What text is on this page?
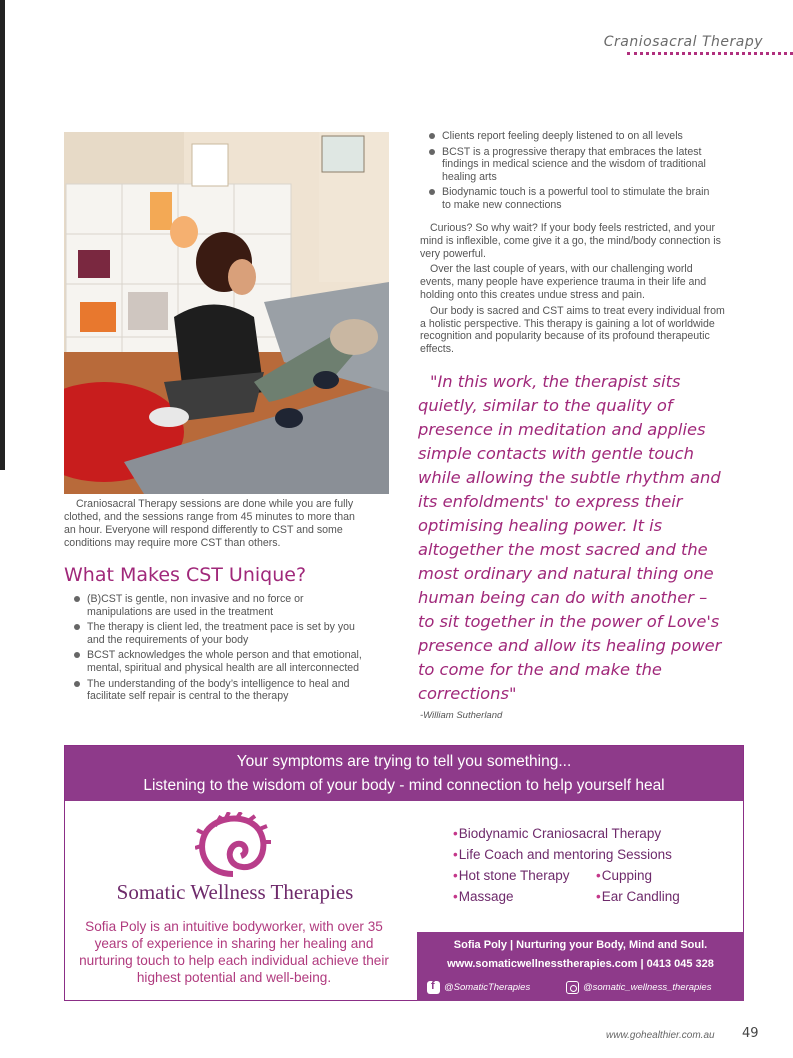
Craniosacral Therapy
Craniosacral Therapy sessions are done while you are fully clothed, and the sessions range from 45 minutes to more than an hour. Everyone will respond differently to CST and some conditions may require more CST than others.
What Makes CST Unique?
(B)CST is gentle, non invasive and no force or manipulations are used in the treatment
The therapy is client led, the treatment pace is set by you and the requirements of your body
BCST acknowledges the whole person and that emotional, mental, spiritual and physical health are all interconnected
The understanding of the body’s intelligence to heal and facilitate self repair is central to the therapy
Clients report feeling deeply listened to on all levels
BCST is a progressive therapy that embraces the latest findings in medical science and the wisdom of traditional healing arts
Biodynamic touch is a powerful tool to stimulate the brain to make new connections

Curious? So why wait? If your body feels restricted, and your mind is inflexible, come give it a go, the mind/body connection is very powerful.

Over the last couple of years, with our challenging world events, many people have experience trauma in their life and holding onto this creates undue stress and pain.

Our body is sacred and CST aims to treat every individual from a holistic perspective. This therapy is gaining a lot of worldwide recognition and popularity because of its profound therapeutic effects.

"In this work, the therapist sits quietly, similar to the quality of presence in meditation and applies simple contacts with gentle touch while allowing the subtle rhythm and its enfoldments' to express their optimising healing power. It is altogether the most sacred and the most ordinary and natural thing one human being can do with another – to sit together in the power of Love's presence and allow its healing power to come for the and make the corrections"
-William Sutherland
Your symptoms are trying to tell you something...
Listening to the wisdom of your body - mind connection to help yourself heal
Somatic Wellness Therapies
Sofia Poly is an intuitive bodyworker, with over 35 years of experience in sharing her healing and nurturing touch to help each individual achieve their highest potential and well-being.
• Biodynamic Craniosacral Therapy
• Life Coach and mentoring Sessions
• Hot stone Therapy	• Cupping
• Massage	• Ear Candling
Sofia Poly | Nurturing your Body, Mind and Soul.
www.somaticwellnesstherapies.com | 0413 045 328
f@SomaticTherapies	@somatic_wellness_therapies
www.gohealthier.com.au 49
